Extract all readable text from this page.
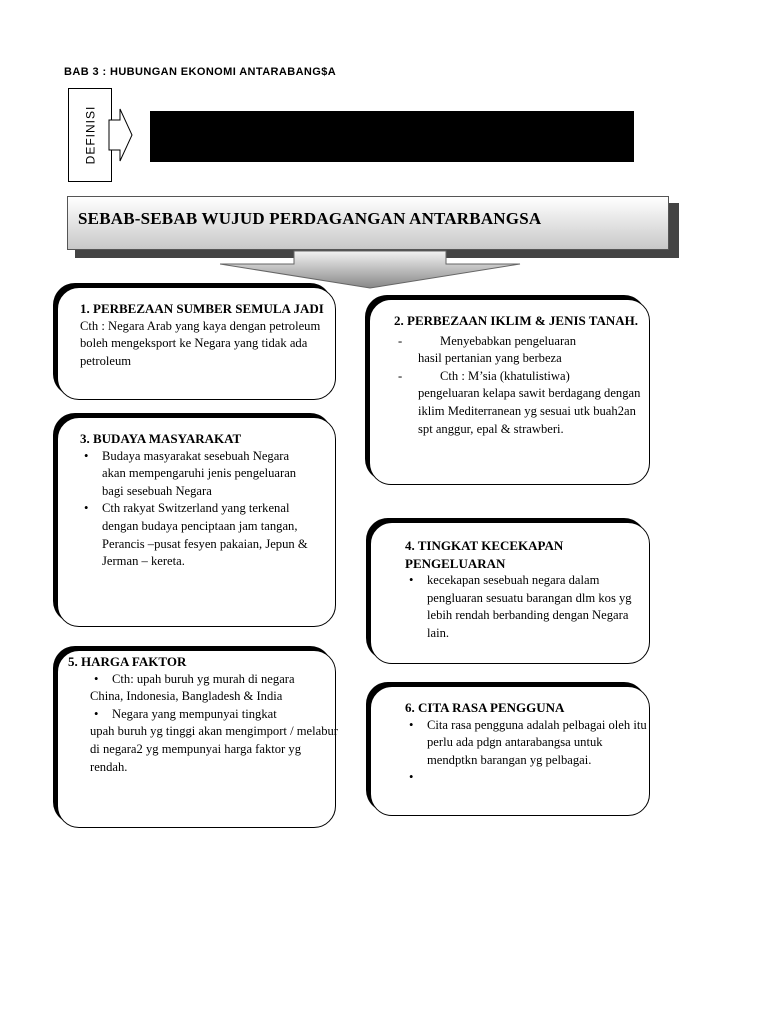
BAB 3 : HUBUNGAN EKONOMI ANTARABANG$A
DEFINISI
SEBAB-SEBAB WUJUD PERDAGANGAN ANTARBANGSA
1. PERBEZAAN SUMBER SEMULA JADI
Cth : Negara Arab yang kaya dengan petroleum boleh mengeksport ke Negara yang tidak ada petroleum
2. PERBEZAAN IKLIM & JENIS TANAH.
- Menyebabkan pengeluaran
hasil pertanian yang berbeza
- Cth : M’sia (khatulistiwa)
pengeluaran kelapa sawit berdagang dengan iklim Mediterranean yg sesuai utk buah2an spt anggur, epal & strawberi.
3. BUDAYA MASYARAKAT
• Budaya masyarakat sesebuah Negara akan mempengaruhi jenis pengeluaran bagi sesebuah Negara
• Cth rakyat Switzerland yang terkenal dengan budaya penciptaan jam tangan, Perancis –pusat fesyen pakaian, Jepun & Jerman – kereta.
4. TINGKAT KECEKAPAN PENGELUARAN
• kecekapan sesebuah negara dalam pengluaran sesuatu barangan dlm kos yg lebih rendah berbanding dengan Negara lain.
5. HARGA FAKTOR
• Cth: upah buruh yg murah di negara
China, Indonesia, Bangladesh & India
• Negara yang mempunyai tingkat
upah buruh yg tinggi akan mengimport / melabur di negara2 yg mempunyai harga faktor yg rendah.
6. CITA RASA PENGGUNA
• Cita rasa pengguna adalah pelbagai oleh itu perlu ada pdgn antarabangsa untuk mendptkn barangan yg pelbagai.
